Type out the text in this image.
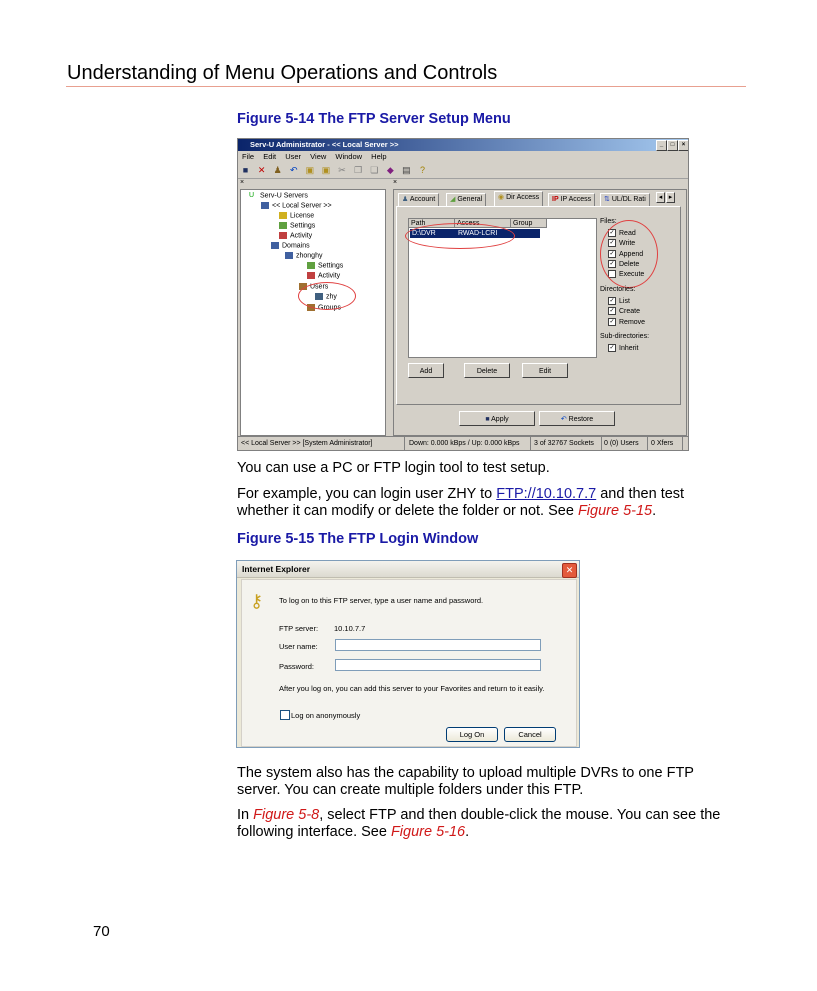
Understanding of Menu Operations and Controls
Figure 5-14 The FTP Server Setup Menu
Serv-U Administrator - << Local Server >>	_	□	×
File Edit User View Window Help
■ ✕ ♟ ↶ ▣ ▣ ✂ ❐ ❏ ◆ ▤ ?
×	×
U Serv-U Servers
<< Local Server >>
License
Settings
Activity
Domains
zhonghy
Settings
Activity
Users
zhy
Groups
♟ Account	◢ General	◉ Dir Access	IP IP Access	⇅ UL/DL Rati	◂ ▸
Path	Access	Group
D:\DVR	RWAD-LCRI
Files:
✓ Read
✓ Write
✓ Append
✓ Delete
Execute
Directories:
✓ List
✓ Create
✓ Remove
Sub-directories:
✓ Inherit
Add	Delete	Edit
■ Apply	↶ Restore
<< Local Server >> [System Administrator]	Down: 0.000 kBps / Up: 0.000 kBps	3 of 32767 Sockets	0 (0) Users	0 Xfers
You can use a PC or FTP login tool to test setup.
For example, you can login user ZHY to FTP://10.10.7.7 and then test whether it can modify or delete the folder or not. See Figure 5-15.
Figure 5-15 The FTP Login Window
Internet Explorer	✕
⚷	To log on to this FTP server, type a user name and password.
FTP server: 10.10.7.7
User name:
Password:
After you log on, you can add this server to your Favorites and return to it easily.
Log on anonymously
Log On	Cancel
The system also has the capability to upload multiple DVRs to one FTP server. You can create multiple folders under this FTP.
In Figure 5-8, select FTP and then double-click the mouse. You can see the following interface. See Figure 5-16.
70
